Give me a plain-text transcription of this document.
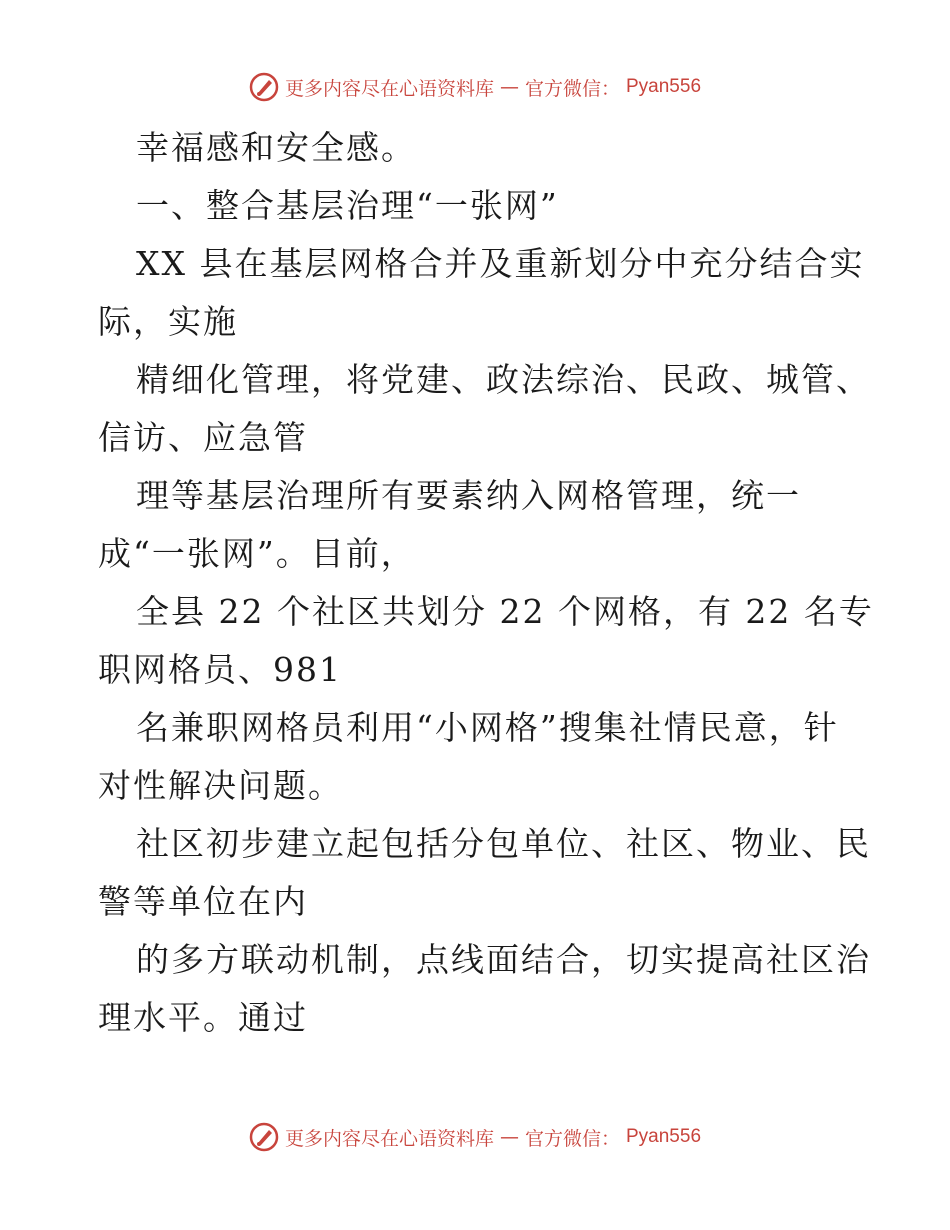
更多内容尽在心语资料库 — 官方微信： Pyan556
幸福感和安全感。
一、整合基层治理“一张网”
XX 县在基层网格合并及重新划分中充分结合实
际，实施
精细化管理，将党建、政法综治、民政、城管、
信访、应急管
理等基层治理所有要素纳入网格管理，统一
成“一张网”。目前，
全县 22 个社区共划分 22 个网格，有 22 名专
职网格员、981
名兼职网格员利用“小网格”搜集社情民意，针
对性解决问题。
社区初步建立起包括分包单位、社区、物业、民
警等单位在内
的多方联动机制，点线面结合，切实提高社区治
理水平。通过
更多内容尽在心语资料库 — 官方微信： Pyan556
